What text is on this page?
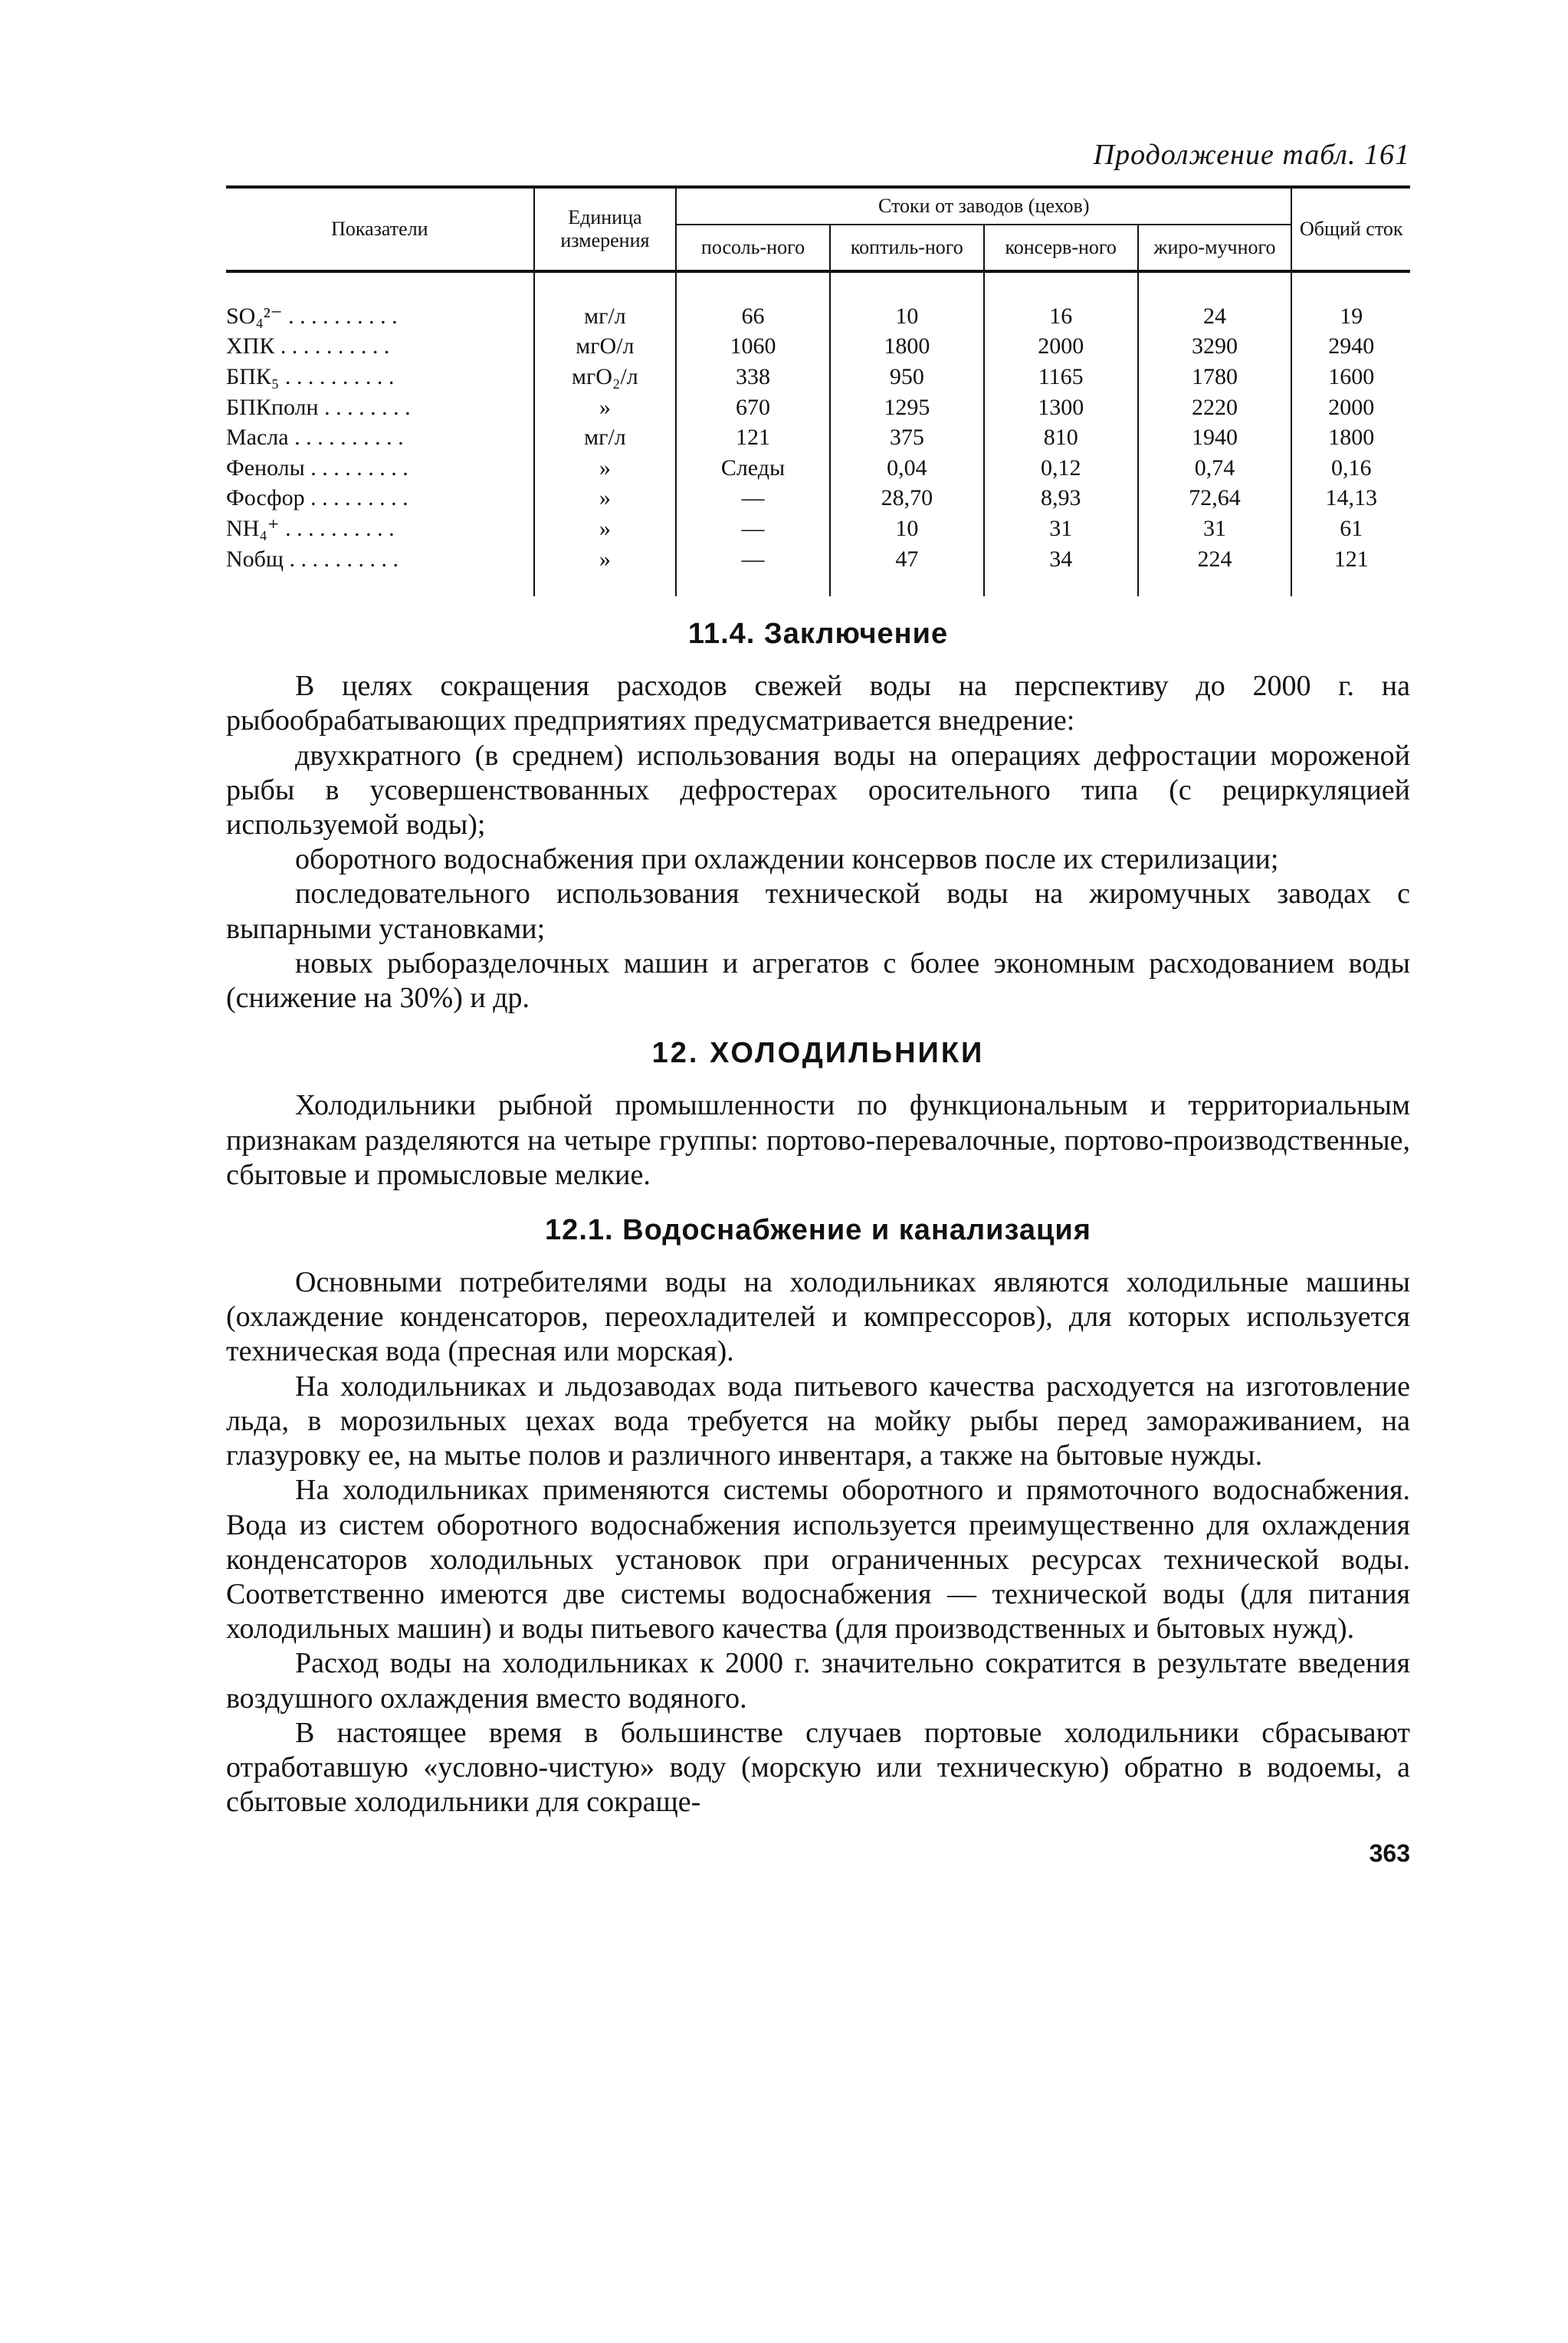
Продолжение табл. 161
Показатели	Единица измерения	Стоки от заводов (цехов)				Общий сток
		посоль-ного	коптиль-ного	консерв-ного	жиро-мучного	
SO₄²⁻ . . . . . . . . . .	мг/л	66	10	16	24	19
ХПК . . . . . . . . . .	мгО/л	1060	1800	2000	3290	2940
БПК₅ . . . . . . . . . .	мгО₂/л	338	950	1165	1780	1600
БПКполн . . . . . . . .	»	670	1295	1300	2220	2000
Масла . . . . . . . . . .	мг/л	121	375	810	1940	1800
Фенолы . . . . . . . . .	»	Следы	0,04	0,12	0,74	0,16
Фосфор . . . . . . . . .	»	—	28,70	8,93	72,64	14,13
NH₄⁺ . . . . . . . . . .	»	—	10	31	31	61
Nобщ . . . . . . . . . .	»	—	47	34	224	121
11.4. Заключение

В целях сокращения расходов свежей воды на перспективу до 2000 г. на рыбообрабатывающих предприятиях предусматривается внедрение:

двухкратного (в среднем) использования воды на операциях дефростации мороженой рыбы в усовершенствованных дефростерах оросительного типа (с рециркуляцией используемой воды);

оборотного водоснабжения при охлаждении консервов после их стерилизации;

последовательного использования технической воды на жиромучных заводах с выпарными установками;

новых рыборазделочных машин и агрегатов с более экономным расходованием воды (снижение на 30%) и др.

12. ХОЛОДИЛЬНИКИ

Холодильники рыбной промышленности по функциональным и территориальным признакам разделяются на четыре группы: портово-перевалочные, портово-производственные, сбытовые и промысловые мелкие.

12.1. Водоснабжение и канализация

Основными потребителями воды на холодильниках являются холодильные машины (охлаждение конденсаторов, переохладителей и компрессоров), для которых используется техническая вода (пресная или морская).

На холодильниках и льдозаводах вода питьевого качества расходуется на изготовление льда, в морозильных цехах вода требуется на мойку рыбы перед замораживанием, на глазуровку ее, на мытье полов и различного инвентаря, а также на бытовые нужды.

На холодильниках применяются системы оборотного и прямоточного водоснабжения. Вода из систем оборотного водоснабжения используется преимущественно для охлаждения конденсаторов холодильных установок при ограниченных ресурсах технической воды. Соответственно имеются две системы водоснабжения — технической воды (для питания холодильных машин) и воды питьевого качества (для производственных и бытовых нужд).

Расход воды на холодильниках к 2000 г. значительно сократится в результате введения воздушного охлаждения вместо водяного.

В настоящее время в большинстве случаев портовые холодильники сбрасывают отработавшую «условно-чистую» воду (морскую или техническую) обратно в водоемы, а сбытовые холодильники для сокраще-

363
